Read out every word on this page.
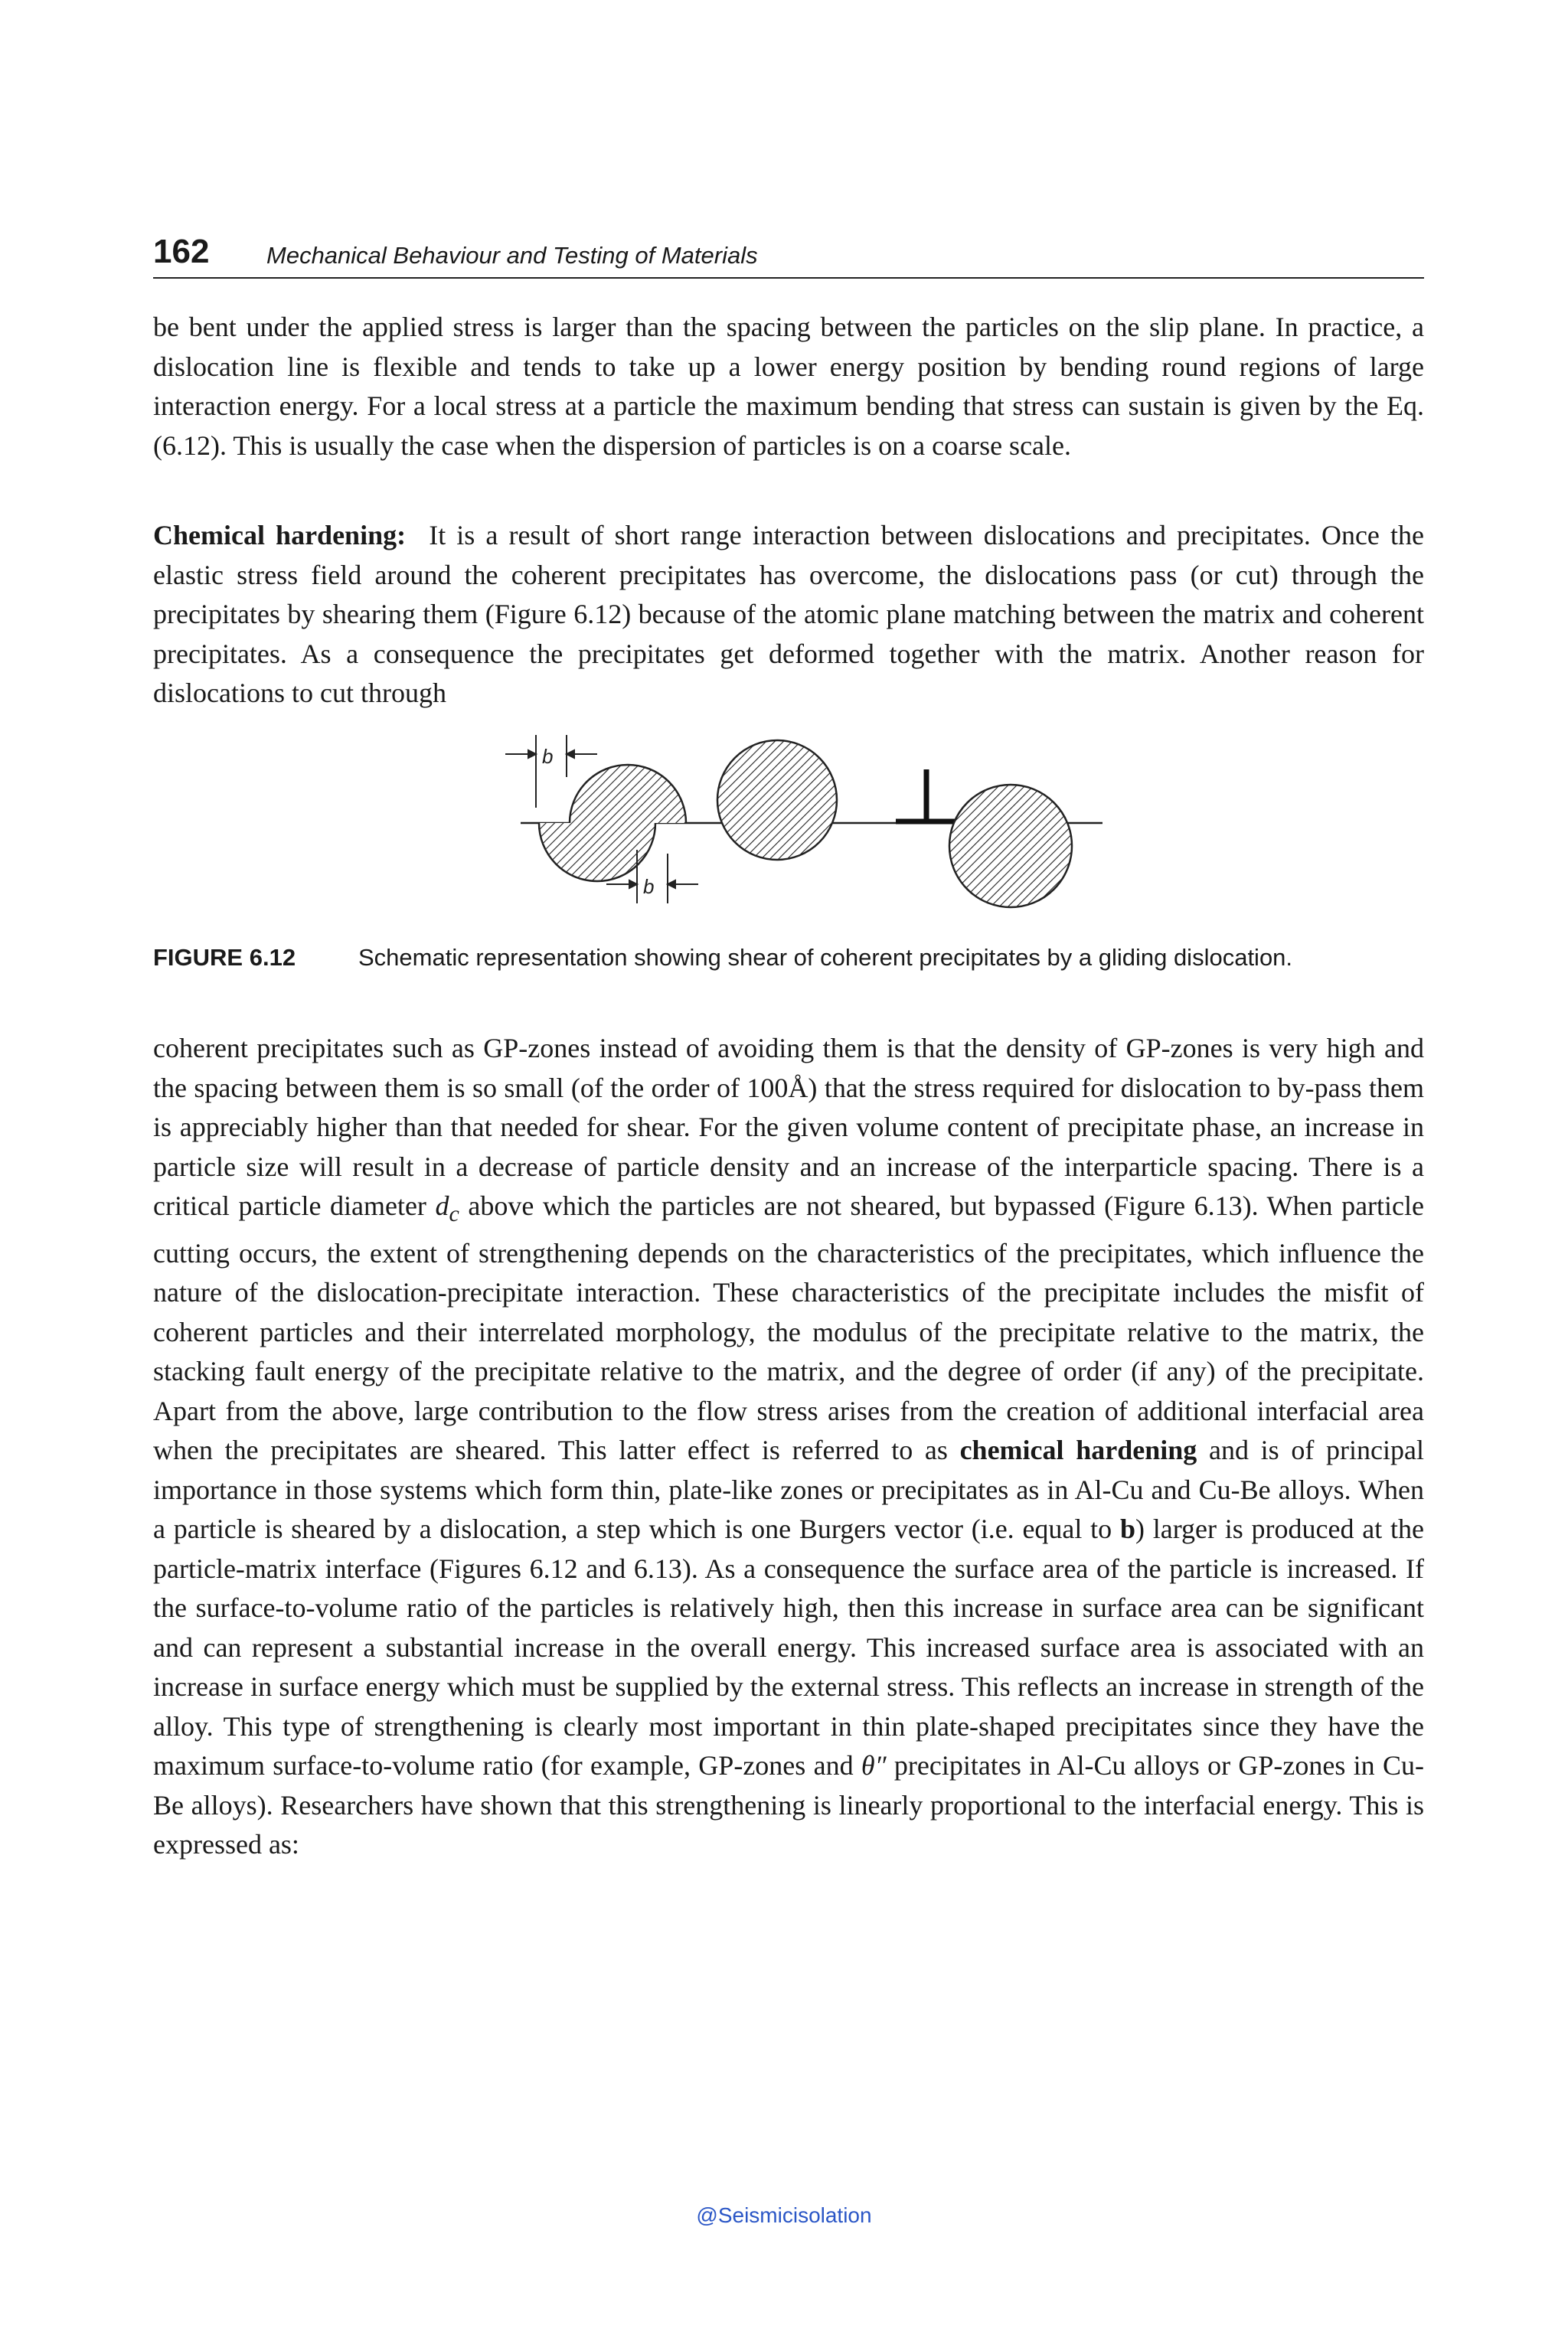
162 Mechanical Behaviour and Testing of Materials

be bent under the applied stress is larger than the spacing between the particles on the slip plane. In practice, a dislocation line is flexible and tends to take up a lower energy position by bending round regions of large interaction energy. For a local stress at a particle the maximum bending that stress can sustain is given by the Eq. (6.12). This is usually the case when the dispersion of particles is on a coarse scale.

Chemical hardening: It is a result of short range interaction between dislocations and precipitates. Once the elastic stress field around the coherent precipitates has overcome, the dislocations pass (or cut) through the precipitates by shearing them (Figure 6.12) because of the atomic plane matching between the matrix and coherent precipitates. As a consequence the precipitates get deformed together with the matrix. Another reason for dislocations to cut through

b
b
FIGURE 6.12	Schematic representation showing shear of coherent precipitates by a gliding dislocation.

coherent precipitates such as GP-zones instead of avoiding them is that the density of GP-zones is very high and the spacing between them is so small (of the order of 100Å) that the stress required for dislocation to by-pass them is appreciably higher than that needed for shear. For the given volume content of precipitate phase, an increase in particle size will result in a decrease of particle density and an increase of the interparticle spacing. There is a critical particle diameter $d_c$ above which the particles are not sheared, but bypassed (Figure 6.13). When particle cutting occurs, the extent of strengthening depends on the characteristics of the precipitates, which influence the nature of the dislocation-precipitate interaction. These characteristics of the precipitate includes the misfit of coherent particles and their interrelated morphology, the modulus of the precipitate relative to the matrix, the stacking fault energy of the precipitate relative to the matrix, and the degree of order (if any) of the precipitate. Apart from the above, large contribution to the flow stress arises from the creation of additional interfacial area when the precipitates are sheared. This latter effect is referred to as chemical hardening and is of principal importance in those systems which form thin, plate-like zones or precipitates as in Al-Cu and Cu-Be alloys. When a particle is sheared by a dislocation, a step which is one Burgers vector (i.e. equal to b) larger is produced at the particle-matrix interface (Figures 6.12 and 6.13). As a consequence the surface area of the particle is increased. If the surface-to-volume ratio of the particles is relatively high, then this increase in surface area can be significant and can represent a substantial increase in the overall energy. This increased surface area is associated with an increase in surface energy which must be supplied by the external stress. This reflects an increase in strength of the alloy. This type of strengthening is clearly most important in thin plate-shaped precipitates since they have the maximum surface-to-volume ratio (for example, GP-zones and θ″ precipitates in Al-Cu alloys or GP-zones in Cu-Be alloys). Researchers have shown that this strengthening is linearly proportional to the interfacial energy. This is expressed as:

@Seismicisolation
